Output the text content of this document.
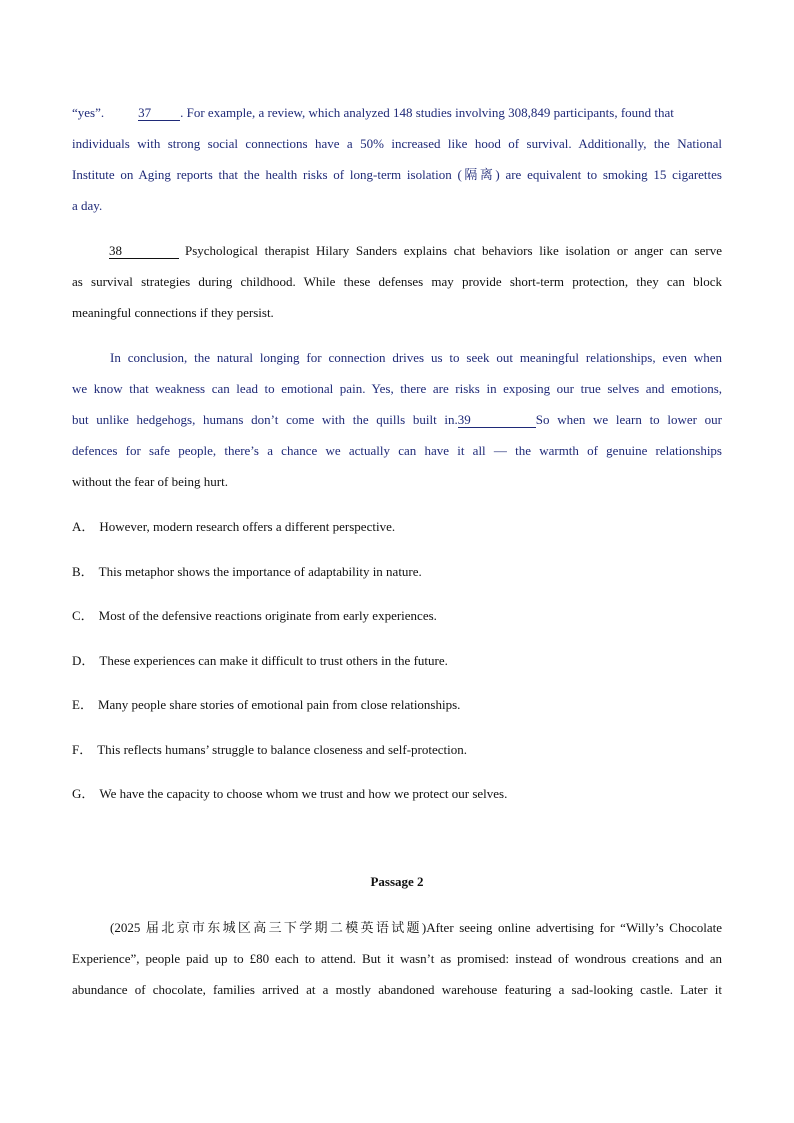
“yes”.	37 . For example, a review, which analyzed 148 studies involving 308,849 participants, found that
individuals with strong social connections have a 50% increased like hood of survival. Additionally, the National
Institute on Aging reports that the health risks of long-term isolation (隔离) are equivalent to smoking 15 cigarettes
a day.
38	Psychological therapist Hilary Sanders explains chat behaviors like isolation or anger can serve
as survival strategies during childhood. While these defenses may provide short-term protection, they can block
meaningful connections if they persist.
In conclusion, the natural longing for connection drives us to seek out meaningful relationships, even when
we know that weakness can lead to emotional pain. Yes, there are risks in exposing our true selves and emotions,
but unlike hedgehogs, humans don’t come with the quills built in.39	So when we learn to lower our
defences for safe people, there’s a chance we actually can have it all — the warmth of genuine relationships
without the fear of being hurt.
A． However, modern research offers a different perspective.
B． This metaphor shows the importance of adaptability in nature.
C． Most of the defensive reactions originate from early experiences.
D． These experiences can make it difficult to trust others in the future.
E． Many people share stories of emotional pain from close relationships.
F． This reflects humans’ struggle to balance closeness and self-protection.
G． We have the capacity to choose whom we trust and how we protect our selves.
Passage 2
(2025 届北京市东城区高三下学期二模英语试题)After seeing online advertising for “Willy’s Chocolate
Experience”, people paid up to £80 each to attend. But it wasn’t as promised: instead of wondrous creations and an
abundance of chocolate, families arrived at a mostly abandoned warehouse featuring a sad-looking castle. Later it
